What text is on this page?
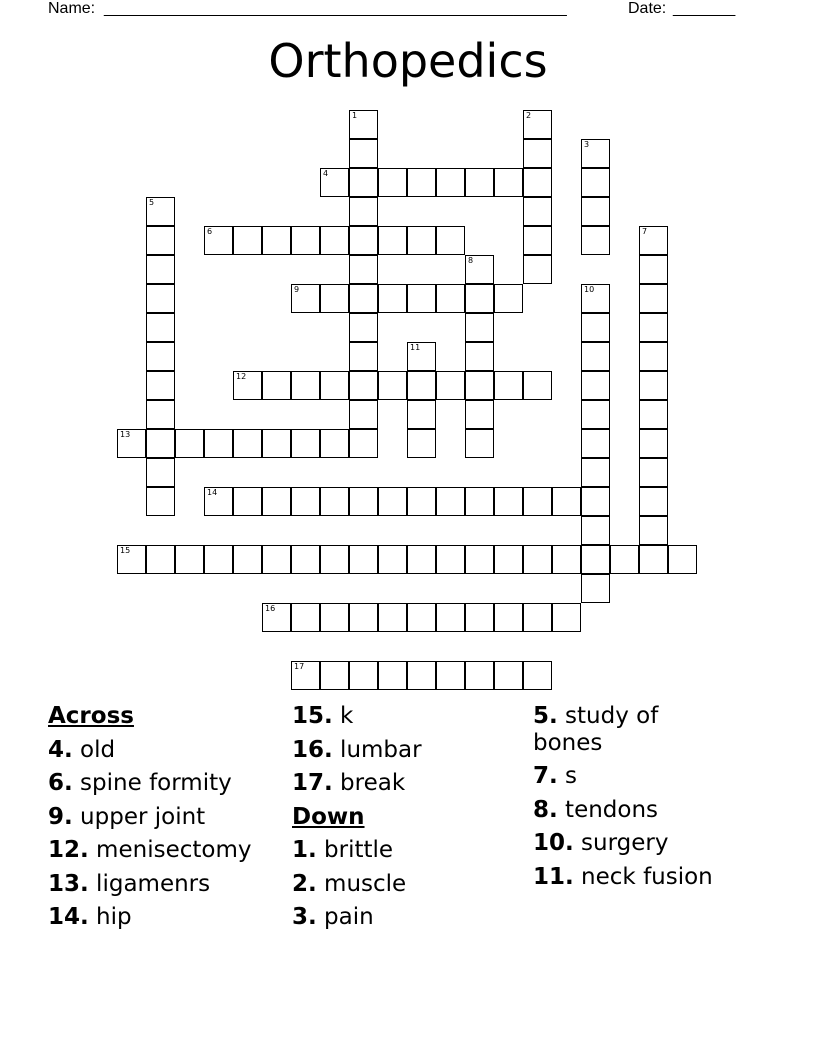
Name: ____________________________________________________	Date: _______
Orthopedics
1	2
3
4
5
6	7
8
9	10
11
12
13
14
15
16
17
Across
4. old
6. spine formity
9. upper joint
12. menisectomy
13. ligamenrs
14. hip
15. k
16. lumbar
17. break
Down
1. brittle
2. muscle
3. pain
5. study of bones
7. s
8. tendons
10. surgery
11. neck fusion
